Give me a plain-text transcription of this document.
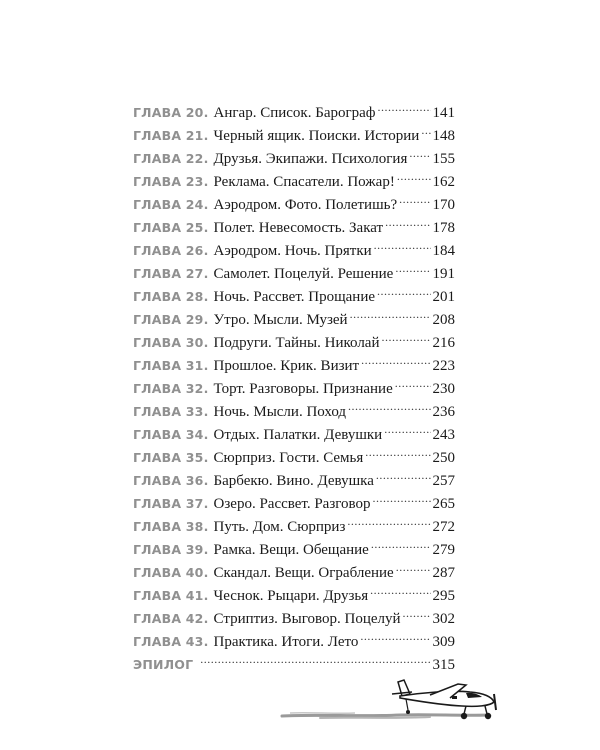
ГЛАВА 20. Ангар. Список. Барограф .....	141
ГЛАВА 21. Черный ящик. Поиски. Истории ..... 148
ГЛАВА 22. Друзья. Экипажи. Психология ..... 155
ГЛАВА 23. Реклама. Спасатели. Пожар! .....	162
ГЛАВА 24. Аэродром. Фото. Полетишь? ..... 170
ГЛАВА 25. Полет. Невесомость. Закат .....	178
ГЛАВА 26. Аэродром. Ночь. Прятки .....	184
ГЛАВА 27. Самолет. Поцелуй. Решение .....	191
ГЛАВА 28. Ночь. Рассвет. Прощание .....	201
ГЛАВА 29. Утро. Мысли. Музей .....	208
ГЛАВА 30. Подруги. Тайны. Николай .....	216
ГЛАВА 31. Прошлое. Крик. Визит .....	223
ГЛАВА 32. Торт. Разговоры. Признание .....	230
ГЛАВА 33. Ночь. Мысли. Поход .....	236
ГЛАВА 34. Отдых. Палатки. Девушки .....	243
ГЛАВА 35. Сюрприз. Гости. Семья .....	250
ГЛАВА 36. Барбекю. Вино. Девушка .....	257
ГЛАВА 37. Озеро. Рассвет. Разговор .....	265
ГЛАВА 38. Путь. Дом. Сюрприз .....	272
ГЛАВА 39. Рамка. Вещи. Обещание .....	279
ГЛАВА 40. Скандал. Вещи. Ограбление .....	287
ГЛАВА 41. Чеснок. Рыцари. Друзья .....	295
ГЛАВА 42. Стриптиз. Выговор. Поцелуй ..... 302
ГЛАВА 43. Практика. Итоги. Лето .....	309
ЭПИЛОГ .....	315
